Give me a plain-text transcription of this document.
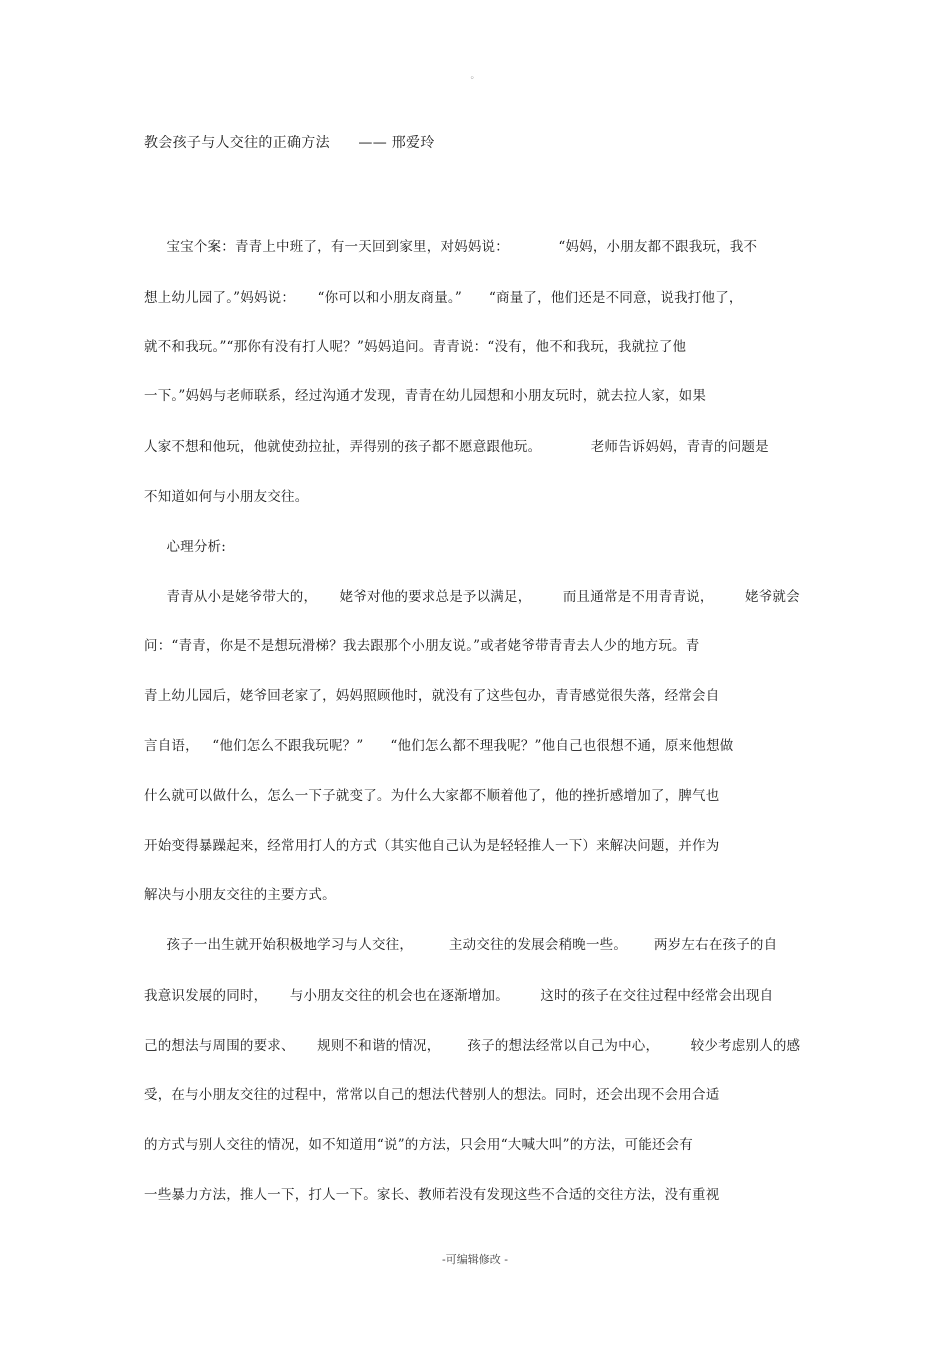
。
教会孩子与人交往的正确方法      —— 邢爱玲
宝宝个案：青青上中班了，有一天回到家里，对妈妈说：           “妈妈，小朋友都不跟我玩，我不
想上幼儿园了。”妈妈说：     “你可以和小朋友商量。”      “商量了，他们还是不同意，说我打他了，
就不和我玩。”“那你有没有打人呢？”妈妈追问。青青说：“没有，他不和我玩，我就拉了他
一下。”妈妈与老师联系，经过沟通才发现，青青在幼儿园想和小朋友玩时，就去拉人家，如果
人家不想和他玩，他就使劲拉扯，弄得别的孩子都不愿意跟他玩。           老师告诉妈妈，青青的问题是
不知道如何与小朋友交往。
心理分析:
青青从小是姥爷带大的，     姥爷对他的要求总是予以满足，       而且通常是不用青青说，       姥爷就会
问：“青青，你是不是想玩滑梯？我去跟那个小朋友说。”或者姥爷带青青去人少的地方玩。青
青上幼儿园后，姥爷回老家了，妈妈照顾他时，就没有了这些包办，青青感觉很失落，经常会自
言自语，   “他们怎么不跟我玩呢？”      “他们怎么都不理我呢？”他自己也很想不通，原来他想做
什么就可以做什么，怎么一下子就变了。为什么大家都不顺着他了，他的挫折感增加了，脾气也
开始变得暴躁起来，经常用打人的方式（其实他自己认为是轻轻推人一下）来解决问题，并作为
解决与小朋友交往的主要方式。
孩子一出生就开始积极地学习与人交往，        主动交往的发展会稍晚一些。      两岁左右在孩子的自
我意识发展的同时，     与小朋友交往的机会也在逐渐增加。       这时的孩子在交往过程中经常会出现自
己的想法与周围的要求、     规则不和谐的情况，      孩子的想法经常以自己为中心，       较少考虑别人的感
受，在与小朋友交往的过程中，常常以自己的想法代替别人的想法。同时，还会出现不会用合适
的方式与别人交往的情况，如不知道用“说”的方法，只会用“大喊大叫”的方法，可能还会有
一些暴力方法，推人一下，打人一下。家长、教师若没有发现这些不合适的交往方法，没有重视
-可编辑修改 -
